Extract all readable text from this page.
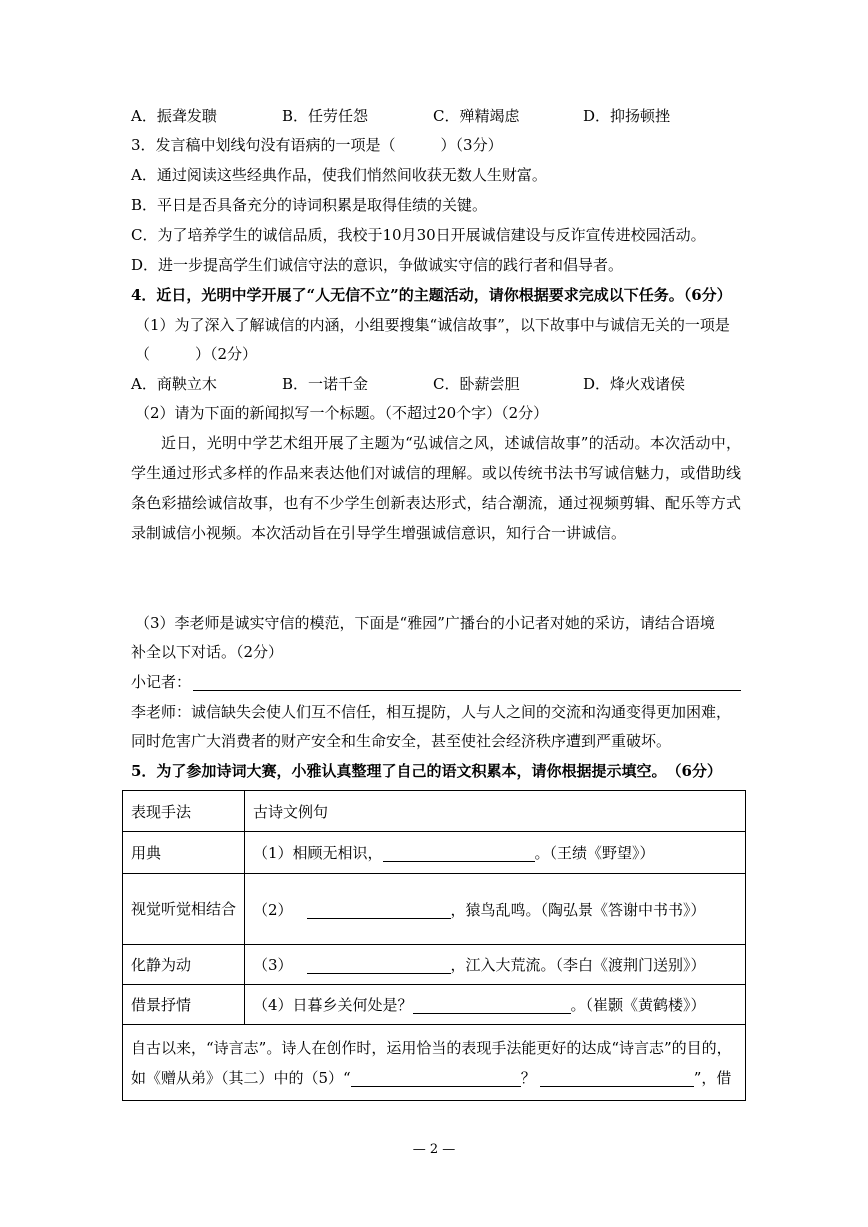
A．振聋发聩	B．任劳任怨	C．殚精竭虑	D．抑扬顿挫
3．发言稿中划线句没有语病的一项是（　　　）（3分）
A．通过阅读这些经典作品，使我们悄然间收获无数人生财富。
B．平日是否具备充分的诗词积累是取得佳绩的关键。
C．为了培养学生的诚信品质，我校于10月30日开展诚信建设与反诈宣传进校园活动。
D．进一步提高学生们诚信守法的意识，争做诚实守信的践行者和倡导者。
4．近日，光明中学开展了“人无信不立”的主题活动，请你根据要求完成以下任务。（6分）
（1）为了深入了解诚信的内涵，小组要搜集“诚信故事”，以下故事中与诚信无关的一项是
（　　　）（2分）
A．商鞅立木	B．一诺千金	C．卧薪尝胆	D．烽火戏诸侯
（2）请为下面的新闻拟写一个标题。（不超过20个字）（2分）
近日，光明中学艺术组开展了主题为“弘诚信之风，述诚信故事”的活动。本次活动中，学生通过形式多样的作品来表达他们对诚信的理解。或以传统书法书写诚信魅力，或借助线条色彩描绘诚信故事，也有不少学生创新表达形式，结合潮流，通过视频剪辑、配乐等方式录制诚信小视频。本次活动旨在引导学生增强诚信意识，知行合一讲诚信。
（3）李老师是诚实守信的模范，下面是“雅园”广播台的小记者对她的采访，请结合语境
补全以下对话。（2分）
小记者：
李老师：诚信缺失会使人们互不信任，相互提防，人与人之间的交流和沟通变得更加困难，
同时危害广大消费者的财产安全和生命安全，甚至使社会经济秩序遭到严重破坏。
5．为了参加诗词大赛，小雅认真整理了自己的语文积累本，请你根据提示填空。　（6分）
表现手法	古诗文例句
用典	（1）相顾无相识， 。（王绩《野望》）
视觉听觉相结合	（2） ，猿鸟乱鸣。（陶弘景《答谢中书书》）
化静为动	（3） ，江入大荒流。（李白《渡荆门送别》）
借景抒情	（4）日暮乡关何处是？ 。（崔颢《黄鹤楼》）

自古以来，“诗言志”。诗人在创作时，运用恰当的表现手法能更好的达成“诗言志”的目的，
如《赠从弟》（其二）中的（5）“ ？ ”，借	
— 2 —
